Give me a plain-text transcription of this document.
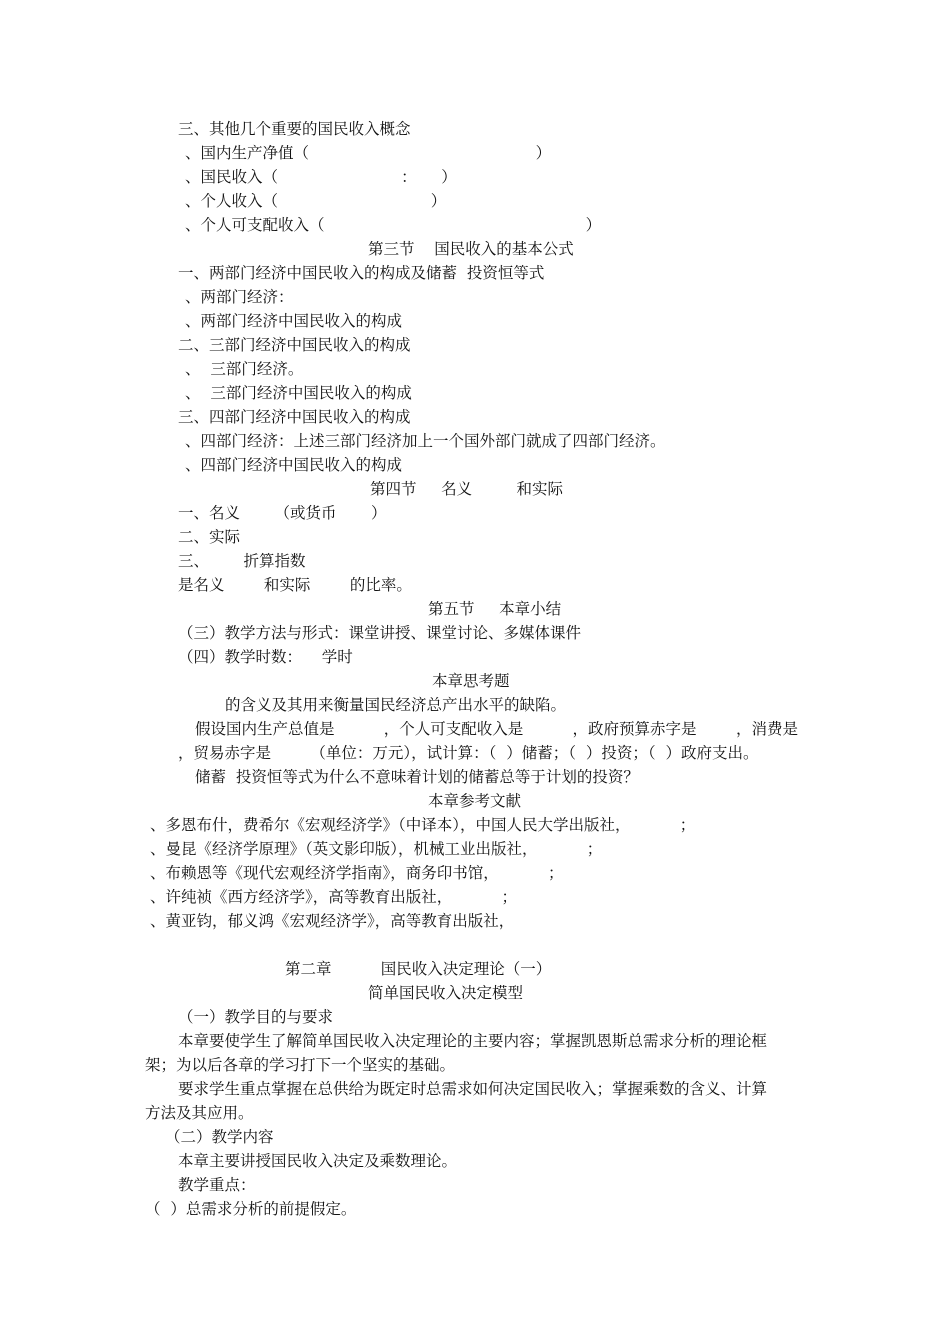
三、其他几个重要的国民收入概念
、国内生产净值（                                              ）
、国民收入（                         ：     ）
、个人收入（                               ）
、个人可支配收入（                                                     ）
第三节    国民收入的基本公式
一、两部门经济中国民收入的构成及储蓄  投资恒等式
、两部门经济：
、两部门经济中国民收入的构成
二、三部门经济中国民收入的构成
、  三部门经济。
、  三部门经济中国民收入的构成
三、四部门经济中国民收入的构成
、四部门经济：上述三部门经济加上一个国外部门就成了四部门经济。
、四部门经济中国民收入的构成
第四节     名义         和实际
一、名义       （或货币       ）
二、实际
三、       折算指数
是名义        和实际        的比率。
第五节     本章小结
（三）教学方法与形式：课堂讲授、课堂讨论、多媒体课件
（四）教学时数：    学时
本章思考题
的含义及其用来衡量国民经济总产出水平的缺陷。
假设国内生产总值是          ，个人可支配收入是          ，政府预算赤字是        ，消费是
，贸易赤字是        （单位：万元），试计算：（  ）储蓄；（  ）投资；（  ）政府支出。
储蓄  投资恒等式为什么不意味着计划的储蓄总等于计划的投资？
本章参考文献
、多恩布什，费希尔《宏观经济学》（中译本），中国人民大学出版社，          ；
、曼昆《经济学原理》（英文影印版），机械工业出版社，          ；
、布赖恩等《现代宏观经济学指南》，商务印书馆，          ；
、许纯祯《西方经济学》，高等教育出版社，          ；
、黄亚钧，郁义鸿《宏观经济学》，高等教育出版社，
第二章          国民收入决定理论（一）
简单国民收入决定模型
（一）教学目的与要求
本章要使学生了解简单国民收入决定理论的主要内容；掌握凯恩斯总需求分析的理论框
架；为以后各章的学习打下一个坚实的基础。
要求学生重点掌握在总供给为既定时总需求如何决定国民收入；掌握乘数的含义、计算
方法及其应用。
（二）教学内容
本章主要讲授国民收入决定及乘数理论。
教学重点：
（  ）总需求分析的前提假定。
